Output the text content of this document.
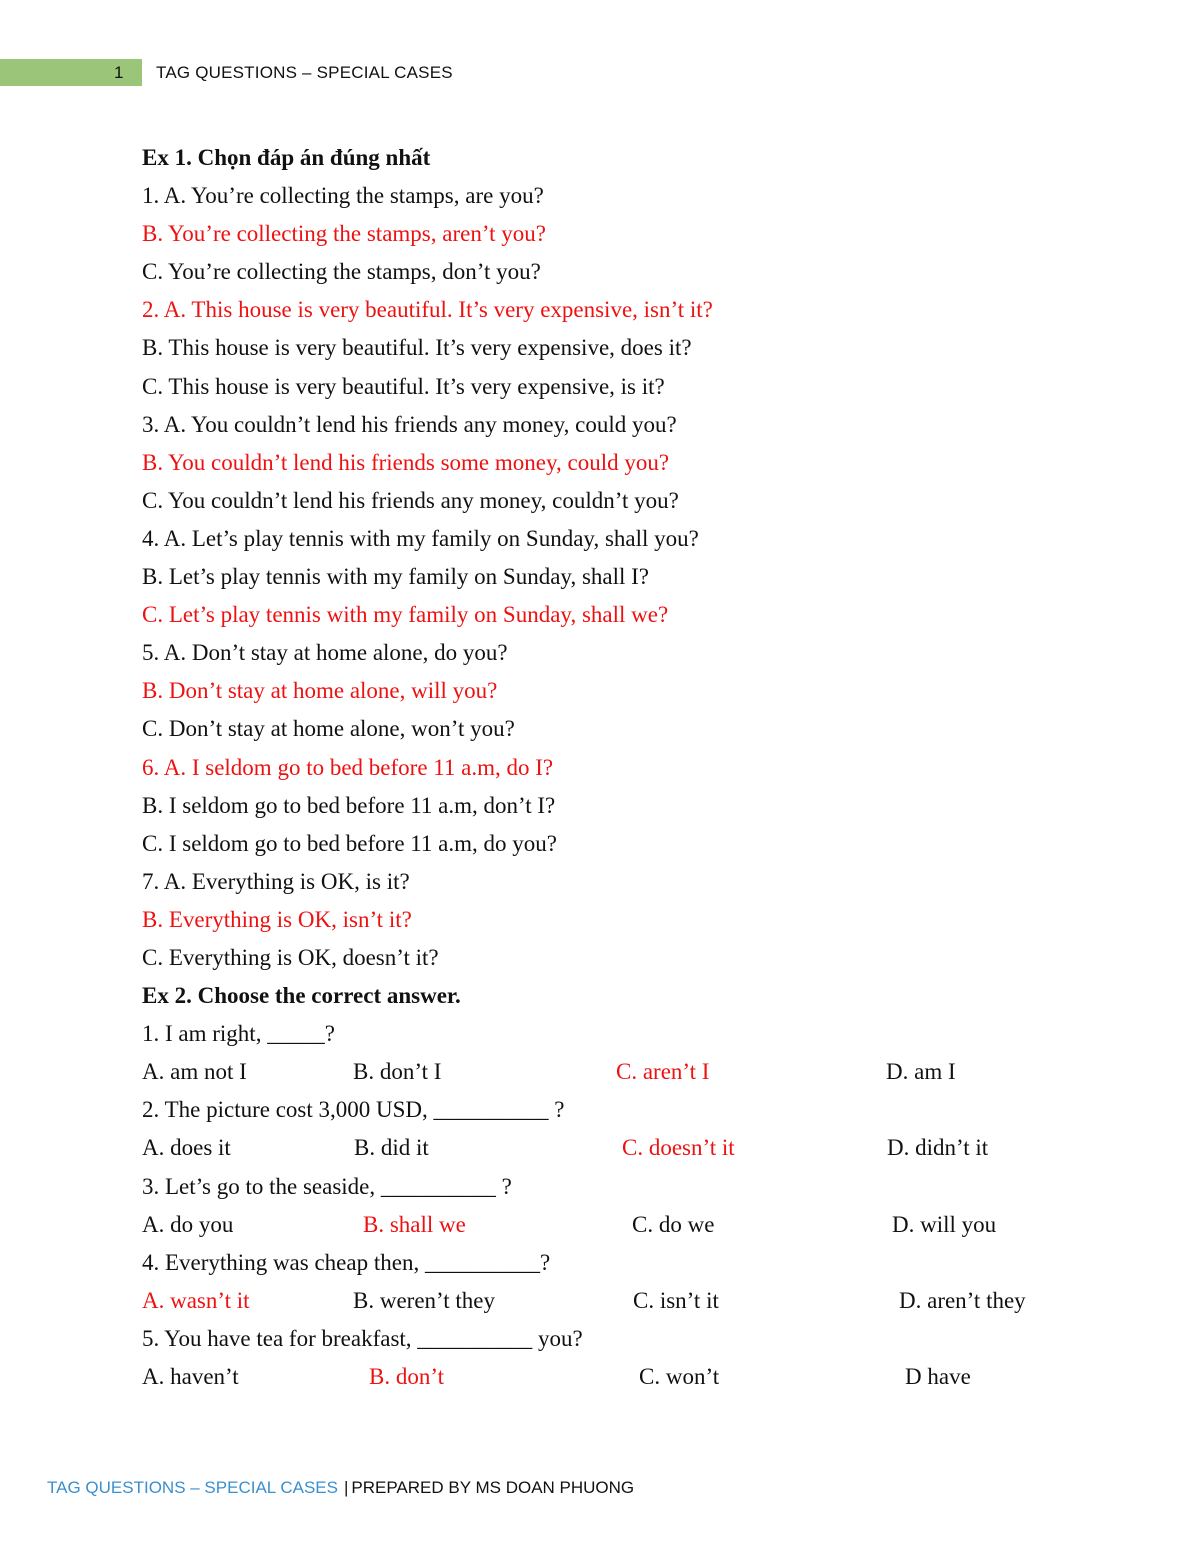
1	TAG QUESTIONS – SPECIAL CASES
Ex 1. Chọn đáp án đúng nhất
1. A. You’re collecting the stamps, are you?
B. You’re collecting the stamps, aren’t you?
C. You’re collecting the stamps, don’t you?
2. A. This house is very beautiful. It’s very expensive, isn’t it?
B. This house is very beautiful. It’s very expensive, does it?
C. This house is very beautiful. It’s very expensive, is it?
3. A. You couldn’t lend his friends any money, could you?
B. You couldn’t lend his friends some money, could you?
C. You couldn’t lend his friends any money, couldn’t you?
4. A. Let’s play tennis with my family on Sunday, shall you?
B. Let’s play tennis with my family on Sunday, shall I?
C. Let’s play tennis with my family on Sunday, shall we?
5. A. Don’t stay at home alone, do you?
B. Don’t stay at home alone, will you?
C. Don’t stay at home alone, won’t you?
6. A. I seldom go to bed before 11 a.m, do I?
B. I seldom go to bed before 11 a.m, don’t I?
C. I seldom go to bed before 11 a.m, do you?
7. A. Everything is OK, is it?
B. Everything is OK, isn’t it?
C. Everything is OK, doesn’t it?
Ex 2. Choose the correct answer.
1. I am right, _____?
A. am not I	B. don’t I	C. aren’t I	D. am I
2. The picture cost 3,000 USD, __________ ?
A. does it	B. did it	C. doesn’t it	D. didn’t it
3. Let’s go to the seaside, __________ ?
A. do you	B. shall we	C. do we	D. will you
4. Everything was cheap then, __________?
A. wasn’t it	B. weren’t they	C. isn’t it	D. aren’t they
5. You have tea for breakfast, __________ you?
A. haven’t	B. don’t	C. won’t	D have
TAG QUESTIONS – SPECIAL CASES | PREPARED BY MS DOAN PHUONG
